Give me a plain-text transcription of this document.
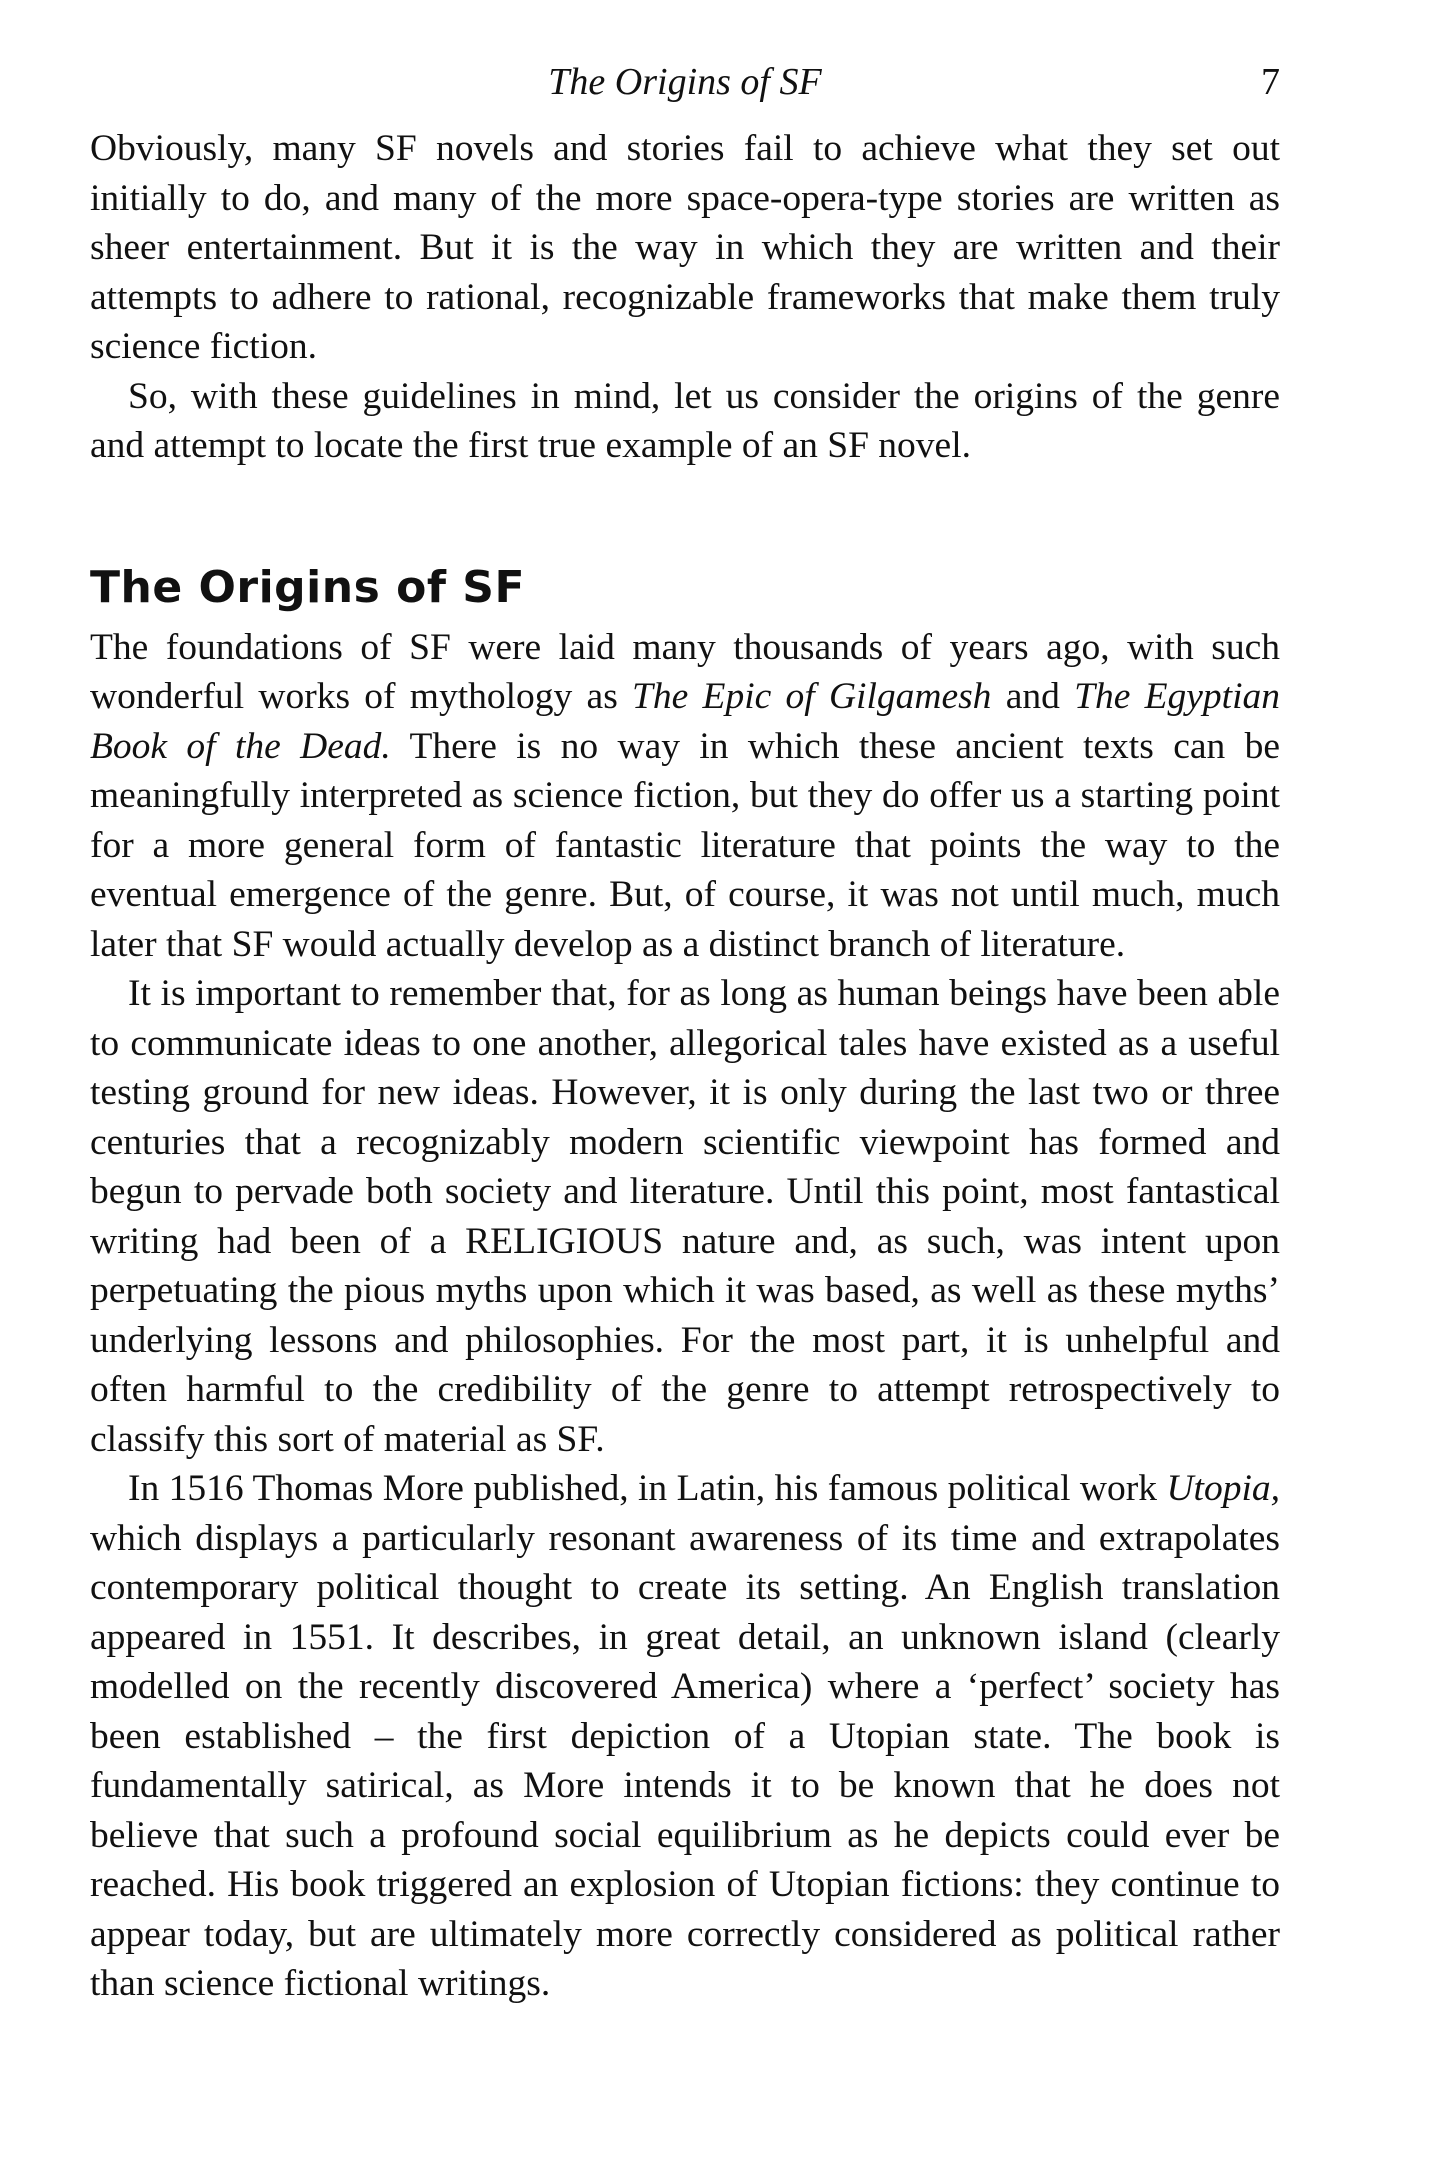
The Origins of SF	7

Obviously, many SF novels and stories fail to achieve what they set out initially to do, and many of the more space-opera-type stories are written as sheer entertainment. But it is the way in which they are written and their attempts to adhere to rational, recognizable frameworks that make them truly science fiction.

So, with these guidelines in mind, let us consider the origins of the genre and attempt to locate the first true example of an SF novel.

The Origins of SF

The foundations of SF were laid many thousands of years ago, with such wonderful works of mythology as The Epic of Gilgamesh and The Egyptian Book of the Dead. There is no way in which these ancient texts can be meaningfully interpreted as science fiction, but they do offer us a starting point for a more general form of fantastic literature that points the way to the eventual emergence of the genre. But, of course, it was not until much, much later that SF would actually develop as a distinct branch of literature.

It is important to remember that, for as long as human beings have been able to communicate ideas to one another, allegorical tales have existed as a useful testing ground for new ideas. However, it is only during the last two or three centuries that a recognizably modern scientific viewpoint has formed and begun to pervade both society and literature. Until this point, most fantastical writing had been of a RELIGIOUS nature and, as such, was intent upon perpetuating the pious myths upon which it was based, as well as these myths’ underlying lessons and philosophies. For the most part, it is unhelpful and often harmful to the credibility of the genre to attempt retrospectively to classify this sort of material as SF.

In 1516 Thomas More published, in Latin, his famous political work Utopia, which displays a particularly resonant awareness of its time and extrapolates contemporary political thought to create its setting. An English translation appeared in 1551. It describes, in great detail, an unknown island (clearly modelled on the recently discovered America) where a ‘perfect’ society has been established – the first depiction of a Utopian state. The book is fundamentally satirical, as More intends it to be known that he does not believe that such a profound social equilibrium as he depicts could ever be reached. His book triggered an explosion of Utopian fictions: they continue to appear today, but are ultimately more correctly considered as political rather than science fictional writings.
